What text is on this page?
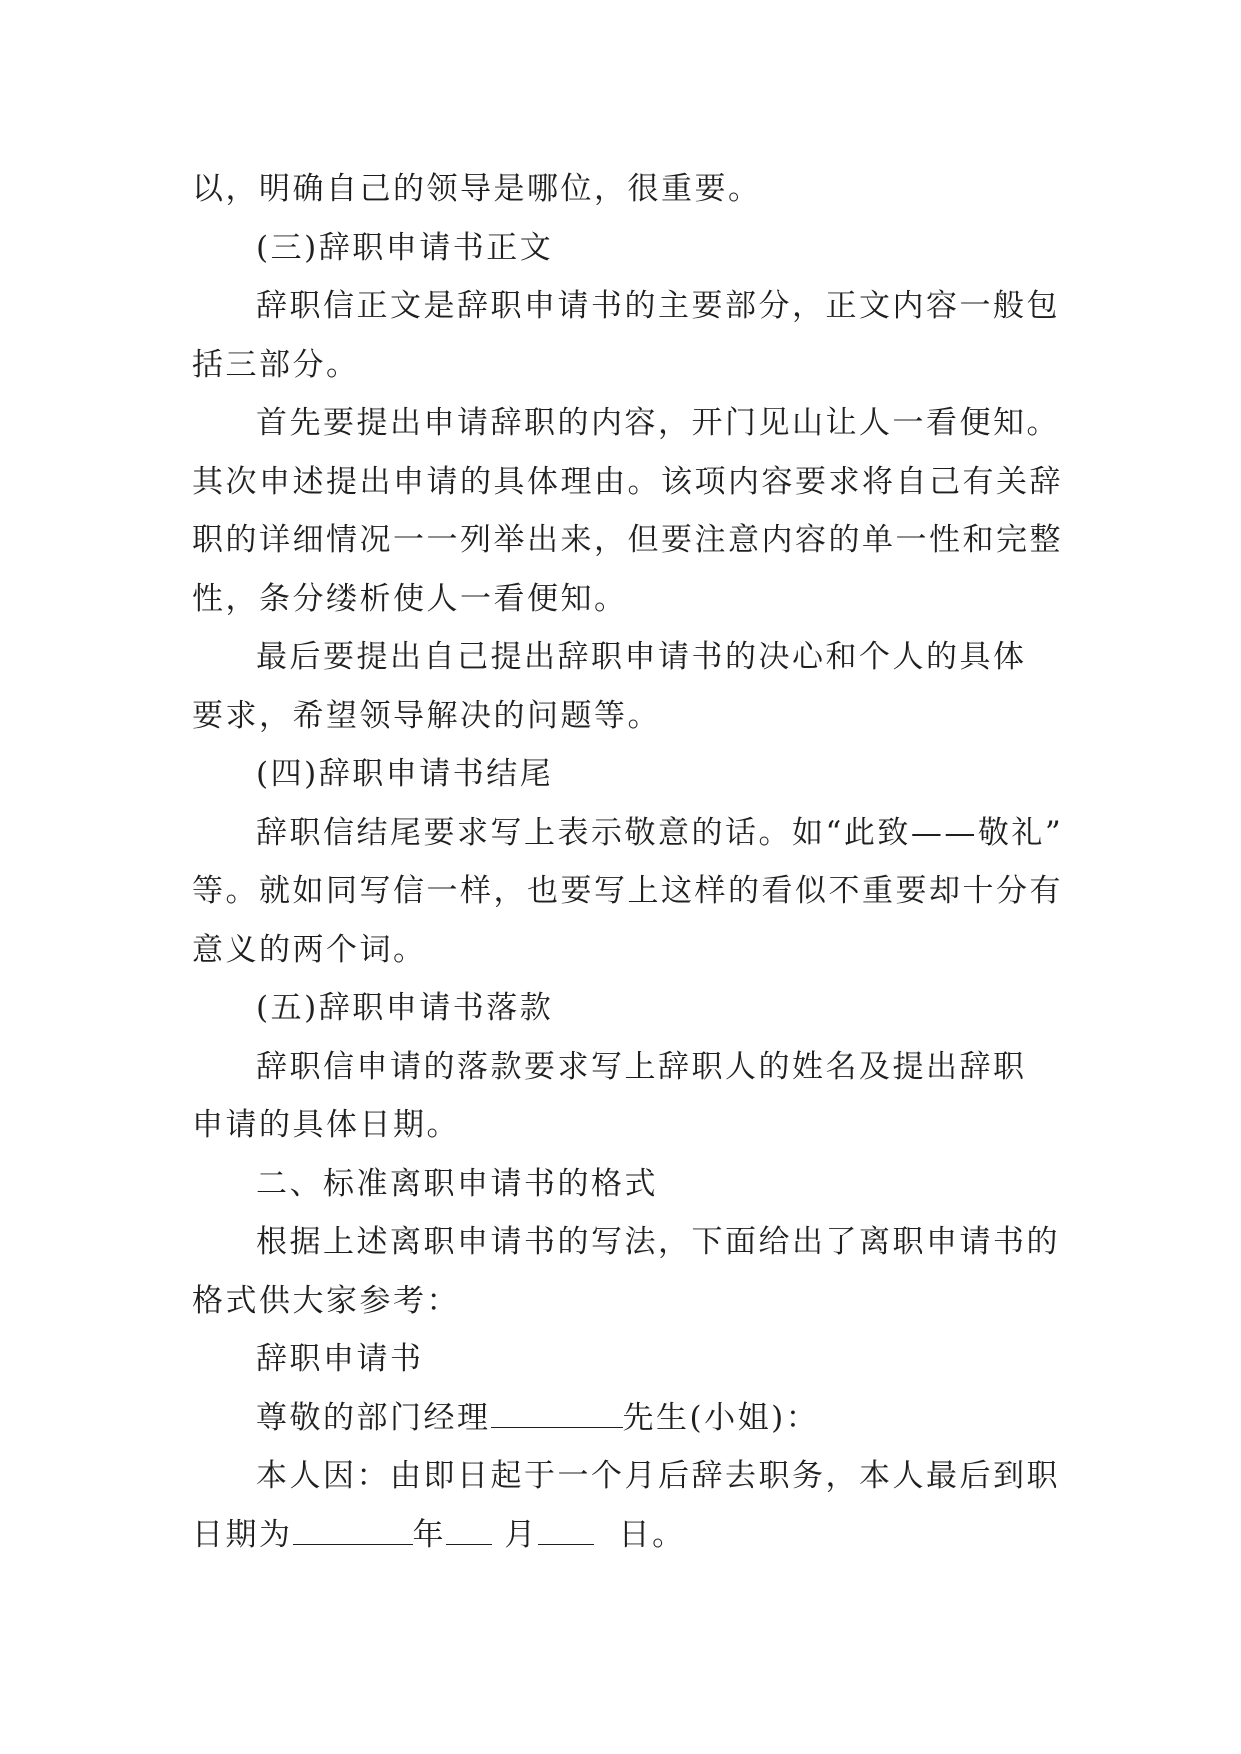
以，明确自己的领导是哪位，很重要。

(三)辞职申请书正文

辞职信正文是辞职申请书的主要部分，正文内容一般包

括三部分。

首先要提出申请辞职的内容，开门见山让人一看便知。

其次申述提出申请的具体理由。该项内容要求将自己有关辞

职的详细情况一一列举出来，但要注意内容的单一性和完整

性，条分缕析使人一看便知。

最后要提出自己提出辞职申请书的决心和个人的具体

要求，希望领导解决的问题等。

(四)辞职申请书结尾

辞职信结尾要求写上表示敬意的话。如“此致——敬礼”

等。就如同写信一样，也要写上这样的看似不重要却十分有

意义的两个词。

(五)辞职申请书落款

辞职信申请的落款要求写上辞职人的姓名及提出辞职

申请的具体日期。

二、标准离职申请书的格式

根据上述离职申请书的写法，下面给出了离职申请书的

格式供大家参考：

辞职申请书

尊敬的部门经理	先生(小姐)：

本人因：由即日起于一个月后辞去职务，本人最后到职

日期为	年 月	日。
